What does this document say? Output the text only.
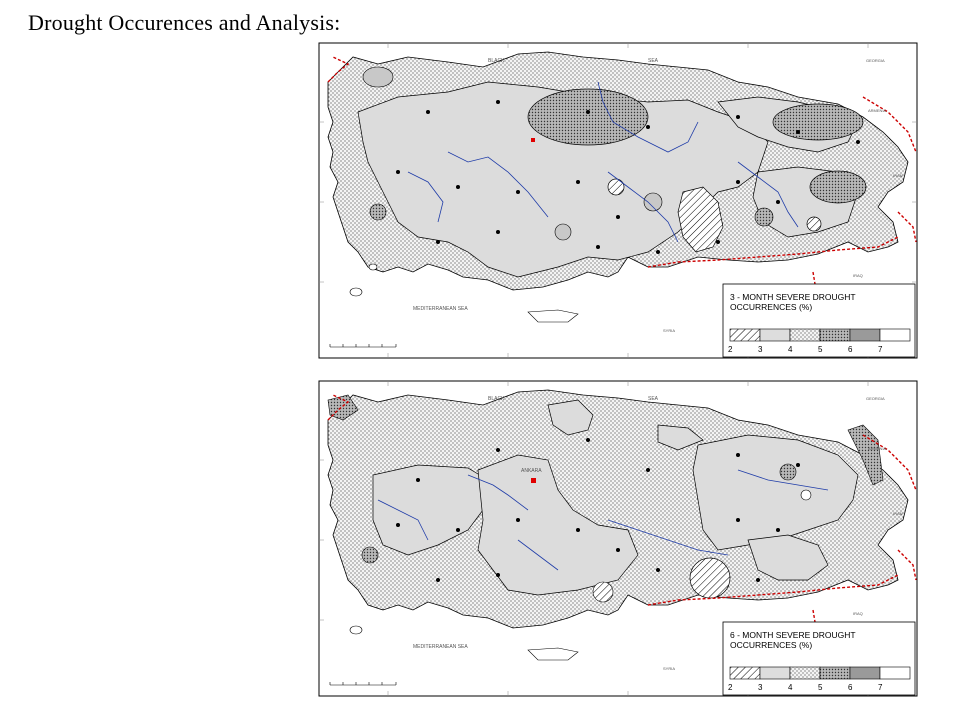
Drought Occurences and Analysis:
BLACK	SEA
MEDITERRANEAN SEA
GEORGIA
ARMENIA
IRAN
IRAQ
SYRIA
3 - MONTH SEVERE DROUGHT
OCCURRENCES (%)
2	3	4	5	6	7
ANKARA
BLACK	SEA
MEDITERRANEAN SEA
GEORGIA
ARMENIA
IRAN
IRAQ
SYRIA
6 - MONTH SEVERE DROUGHT
OCCURRENCES (%)
2	3	4	5	6	7
